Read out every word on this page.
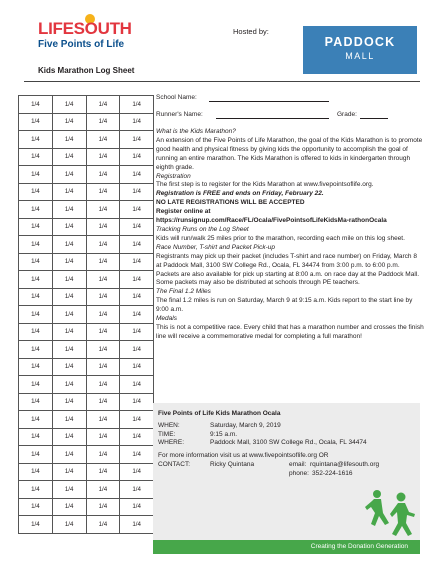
LIFESOUTH
Five Points of Life
Hosted by:
PADDOCK
MALL
Kids Marathon Log Sheet
1/4	1/4	1/4	1/4
1/4	1/4	1/4	1/4
1/4	1/4	1/4	1/4
1/4	1/4	1/4	1/4
1/4	1/4	1/4	1/4
1/4	1/4	1/4	1/4
1/4	1/4	1/4	1/4
1/4	1/4	1/4	1/4
1/4	1/4	1/4	1/4
1/4	1/4	1/4	1/4
1/4	1/4	1/4	1/4
1/4	1/4	1/4	1/4
1/4	1/4	1/4	1/4
1/4	1/4	1/4	1/4
1/4	1/4	1/4	1/4
1/4	1/4	1/4	1/4
1/4	1/4	1/4	1/4
1/4	1/4	1/4	1/4
1/4	1/4	1/4	1/4
1/4	1/4	1/4	1/4
1/4	1/4	1/4	1/4
1/4	1/4	1/4	1/4
1/4	1/4	1/4	1/4
1/4	1/4	1/4	1/4
1/4	1/4	1/4	1/4
School Name:
Runner's Name:	Grade:

What is the Kids Marathon?

An extension of the Five Points of Life Marathon, the goal of the Kids Marathon is to promote good health and physical fitness by giving kids the opportunity to accomplish the goal of running an entire marathon. The Kids Marathon is offered to kids in kindergarten through eighth grade.

Registration

The first step is to register for the Kids Marathon at www.fivepointsoflife.org.

Registration is FREE and ends on Friday, February 22.

NO LATE REGISTRATIONS WILL BE ACCEPTED

Register online at

https://runsignup.com/Race/FL/Ocala/FivePointsofLifeKidsMa-rathonOcala

Tracking Runs on the Log Sheet

Kids will run/walk 25 miles prior to the marathon, recording each mile on this log sheet.

Race Number, T-shirt and Packet Pick-up

Registrants may pick up their packet (includes T-shirt and race number) on Friday, March 8 at Paddock Mall, 3100 SW College Rd., Ocala, FL 34474 from 3:00 p.m. to 6:00 p.m. Packets are also available for pick up starting at 8:00 a.m. on race day at the Paddock Mall. Some packets may also be distributed at schools through PE teachers.

The Final 1.2 Miles

The final 1.2 miles is run on Saturday, March 9 at 9:15 a.m. Kids report to the start line by 9:00 a.m.

Medals

This is not a competitive race. Every child that has a marathon number and crosses the finish line will receive a commemorative medal for completing a full marathon!

Five Points of Life Kids Marathon Ocala

WHEN:	Saturday, March 9, 2019
TIME:	9:15 a.m.
WHERE:	Paddock Mall, 3100 SW College Rd., Ocala, FL 34474

For more information visit us at www.fivepointsoflife.org OR

CONTACT:	Ricky Quintana	email: rquintana@lifesouth.org
phone: 352-224-1616
Creating the Donation Generation
